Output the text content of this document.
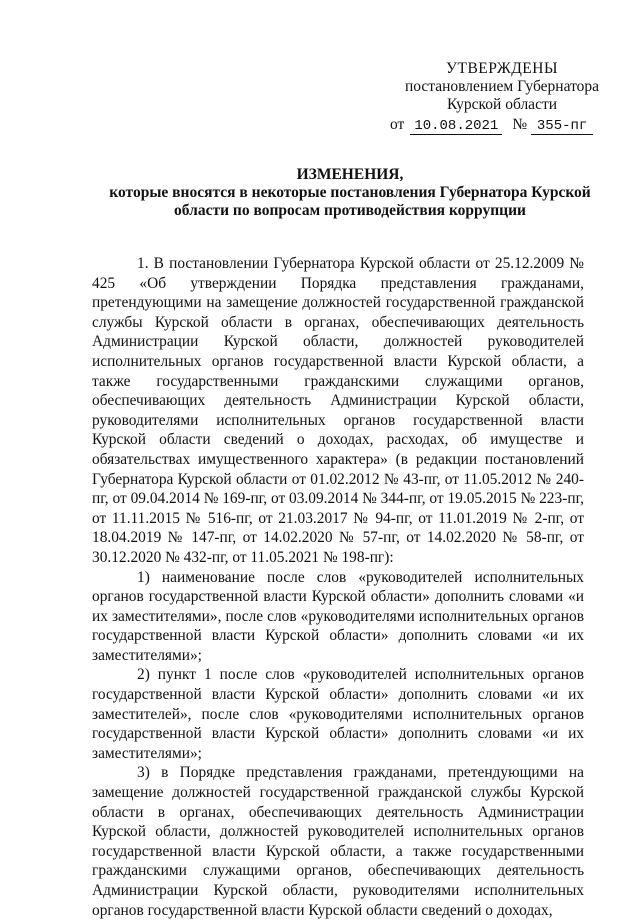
УТВЕРЖДЕНЫ
постановлением Губернатора
Курской области
от 10.08.2021 № 355-пг
ИЗМЕНЕНИЯ,
которые вносятся в некоторые постановления Губернатора Курской области по вопросам противодействия коррупции

1. В постановлении Губернатора Курской области от 25.12.2009 № 425 «Об утверждении Порядка представления гражданами, претендующими на замещение должностей государственной гражданской службы Курской области в органах, обеспечивающих деятельность Администрации Курской области, должностей руководителей исполнительных органов государственной власти Курской области, а также государственными гражданскими служащими органов, обеспечивающих деятельность Администрации Курской области, руководителями исполнительных органов государственной власти Курской области сведений о доходах, расходах, об имуществе и обязательствах имущественного характера» (в редакции постановлений Губернатора Курской области от 01.02.2012 № 43-пг, от 11.05.2012 № 240-пг, от 09.04.2014 № 169-пг, от 03.09.2014 № 344-пг, от 19.05.2015 № 223-пг, от 11.11.2015 № 516-пг, от 21.03.2017 № 94-пг, от 11.01.2019 № 2-пг, от 18.04.2019 № 147-пг, от 14.02.2020 № 57-пг, от 14.02.2020 № 58-пг, от 30.12.2020 № 432-пг, от 11.05.2021 № 198-пг):

1) наименование после слов «руководителей исполнительных органов государственной власти Курской области» дополнить словами «и их заместителями», после слов «руководителями исполнительных органов государственной власти Курской области» дополнить словами «и их заместителями»;

2) пункт 1 после слов «руководителей исполнительных органов государственной власти Курской области» дополнить словами «и их заместителей», после слов «руководителями исполнительных органов государственной власти Курской области» дополнить словами «и их заместителями»;

3) в Порядке представления гражданами, претендующими на замещение должностей государственной гражданской службы Курской области в органах, обеспечивающих деятельность Администрации Курской области, должностей руководителей исполнительных органов государственной власти Курской области, а также государственными гражданскими служащими органов, обеспечивающих деятельность Администрации Курской области, руководителями исполнительных органов государственной власти Курской области сведений о доходах,
